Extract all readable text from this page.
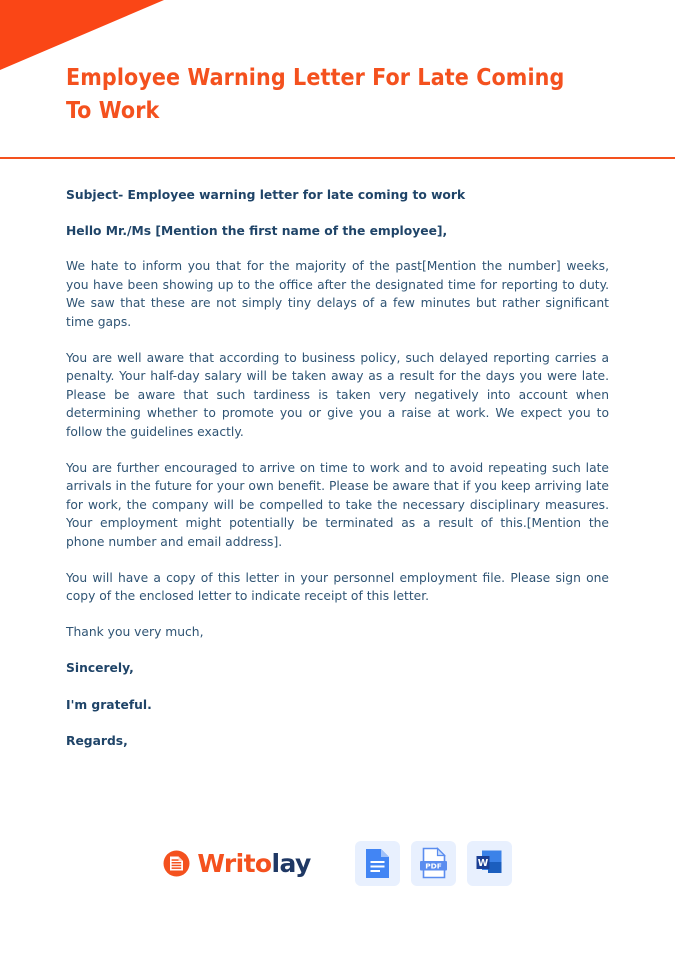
Employee Warning Letter For Late Coming To Work

Subject- Employee warning letter for late coming to work

Hello Mr./Ms [Mention the first name of the employee],

We hate to inform you that for the majority of the past[Mention the number] weeks, you have been showing up to the office after the designated time for reporting to duty. We saw that these are not simply tiny delays of a few minutes but rather significant time gaps.

You are well aware that according to business policy, such delayed reporting carries a penalty. Your half-day salary will be taken away as a result for the days you were late. Please be aware that such tardiness is taken very negatively into account when determining whether to promote you or give you a raise at work. We expect you to follow the guidelines exactly.

You are further encouraged to arrive on time to work and to avoid repeating such late arrivals in the future for your own benefit. Please be aware that if you keep arriving late for work, the company will be compelled to take the necessary disciplinary measures. Your employment might potentially be terminated as a result of this.[Mention the phone number and email address].

You will have a copy of this letter in your personnel employment file. Please sign one copy of the enclosed letter to indicate receipt of this letter.

Thank you very much,

Sincerely,

I'm grateful.

Regards,

Writolay	PDF	W
